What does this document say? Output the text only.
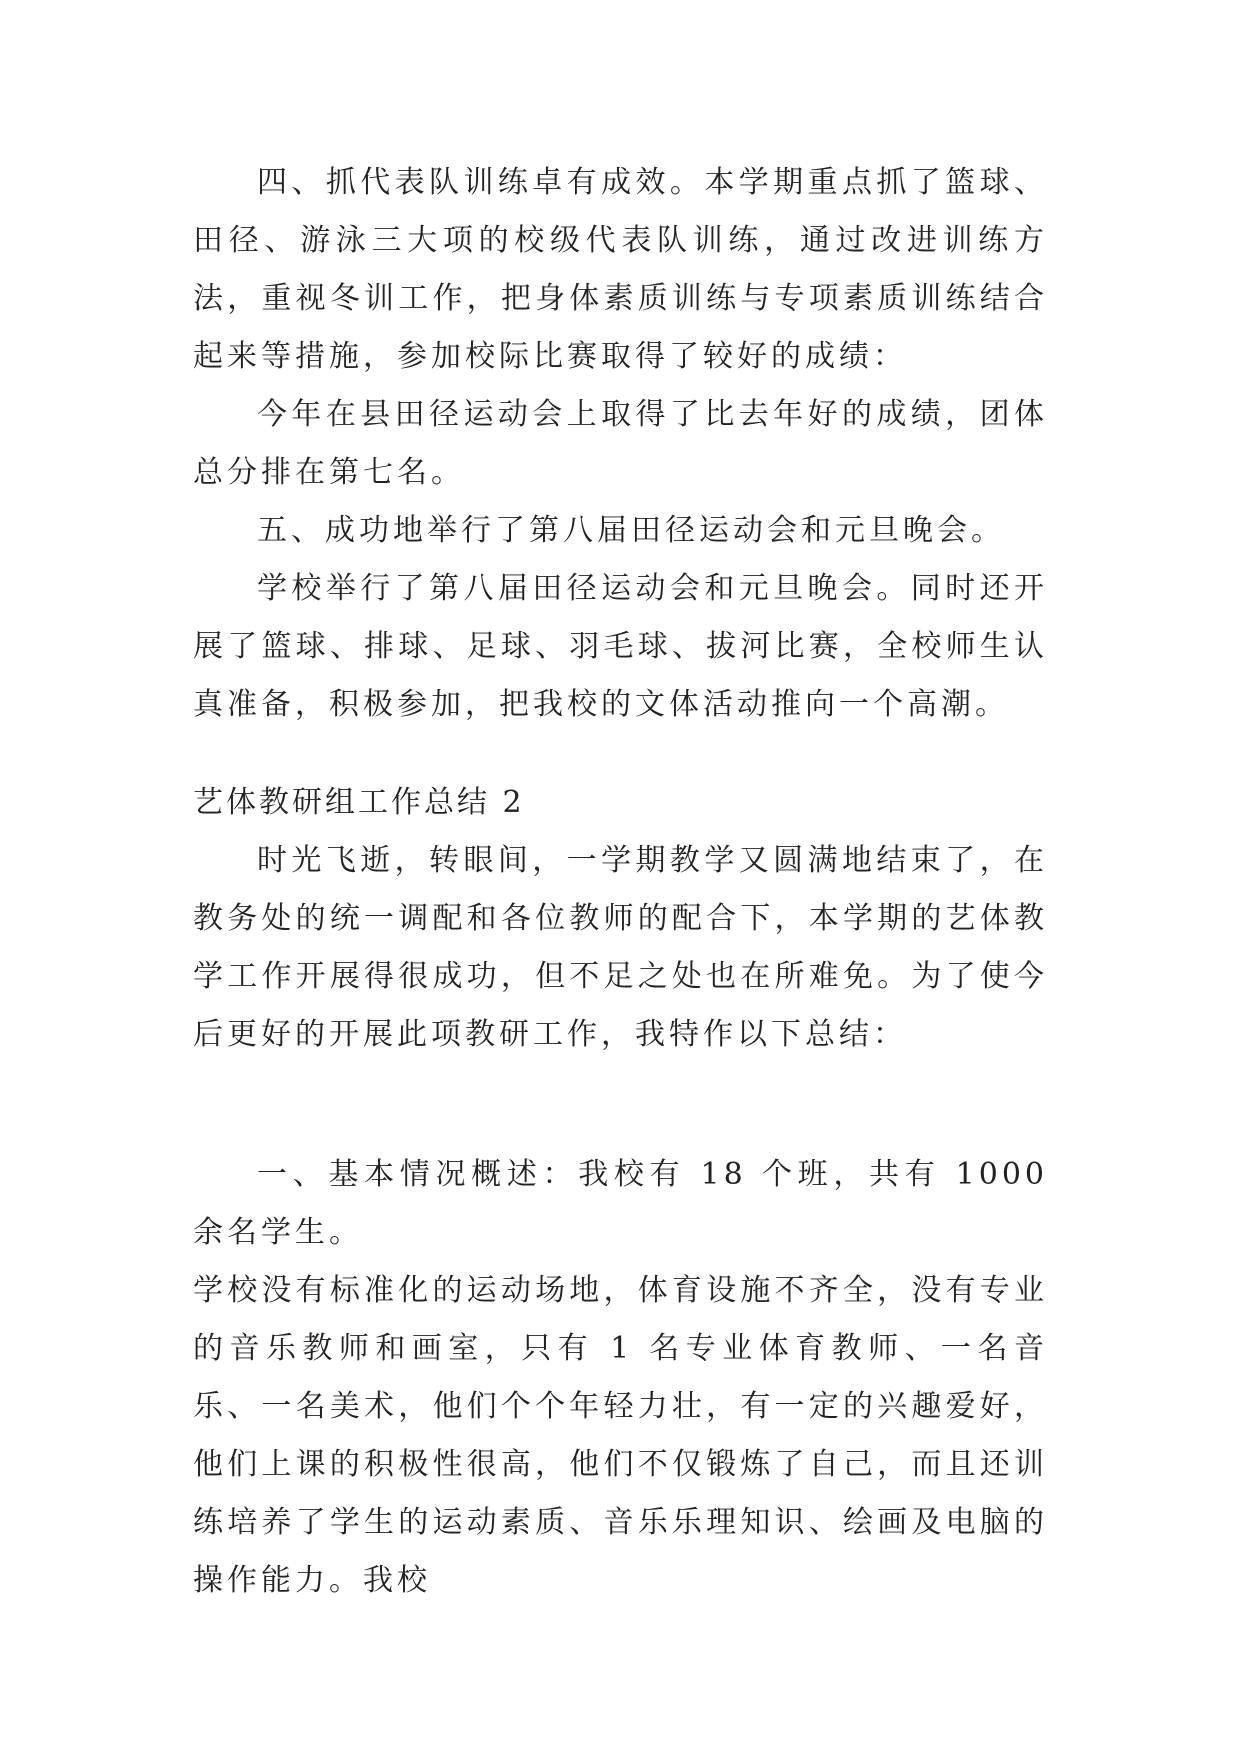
四、抓代表队训练卓有成效。本学期重点抓了篮球、田径、游泳三大项的校级代表队训练，通过改进训练方法，重视冬训工作，把身体素质训练与专项素质训练结合起来等措施，参加校际比赛取得了较好的成绩：

今年在县田径运动会上取得了比去年好的成绩，团体总分排在第七名。

五、成功地举行了第八届田径运动会和元旦晚会。

学校举行了第八届田径运动会和元旦晚会。同时还开展了篮球、排球、足球、羽毛球、拔河比赛，全校师生认真准备，积极参加，把我校的文体活动推向一个高潮。

艺体教研组工作总结 2

时光飞逝，转眼间，一学期教学又圆满地结束了，在教务处的统一调配和各位教师的配合下，本学期的艺体教学工作开展得很成功，但不足之处也在所难免。为了使今后更好的开展此项教研工作，我特作以下总结：

一、基本情况概述：我校有 18 个班，共有 1000 余名学生。

学校没有标准化的运动场地，体育设施不齐全，没有专业的音乐教师和画室，只有 1 名专业体育教师、一名音乐、一名美术，他们个个年轻力壮，有一定的兴趣爱好，他们上课的积极性很高，他们不仅锻炼了自己，而且还训练培养了学生的运动素质、音乐乐理知识、绘画及电脑的操作能力。我校
